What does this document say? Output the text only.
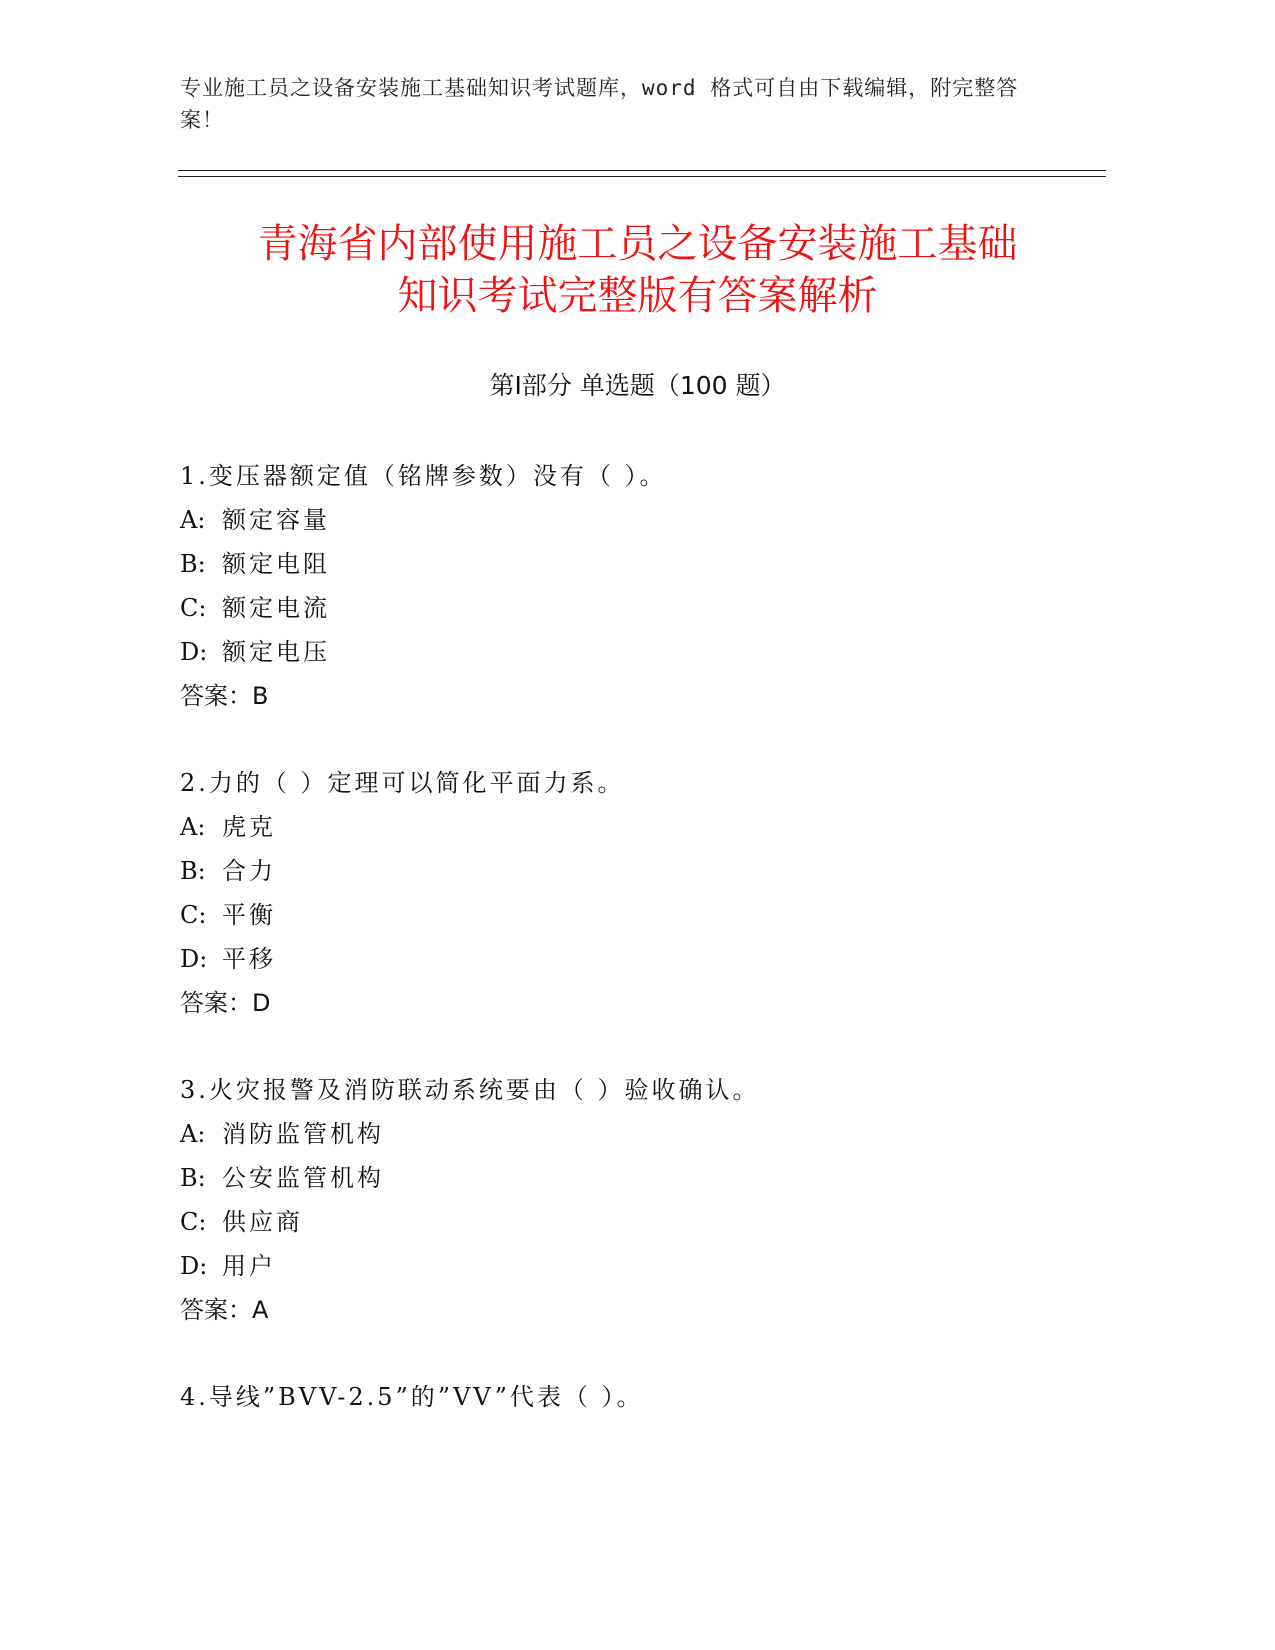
专业施工员之设备安装施工基础知识考试题库，word 格式可自由下载编辑，附完整答案！
青海省内部使用施工员之设备安装施工基础
知识考试完整版有答案解析
第Ⅰ部分 单选题（100 题）
1.变压器额定值（铭牌参数）没有（ ）。
A: 额定容量
B: 额定电阻
C: 额定电流
D: 额定电压
答案：B
2.力的（ ）定理可以简化平面力系。
A: 虎克
B: 合力
C: 平衡
D: 平移
答案：D
3.火灾报警及消防联动系统要由（ ）验收确认。
A: 消防监管机构
B: 公安监管机构
C: 供应商
D: 用户
答案：A
4.导线”BVV-2.5”的”VV”代表（ ）。
